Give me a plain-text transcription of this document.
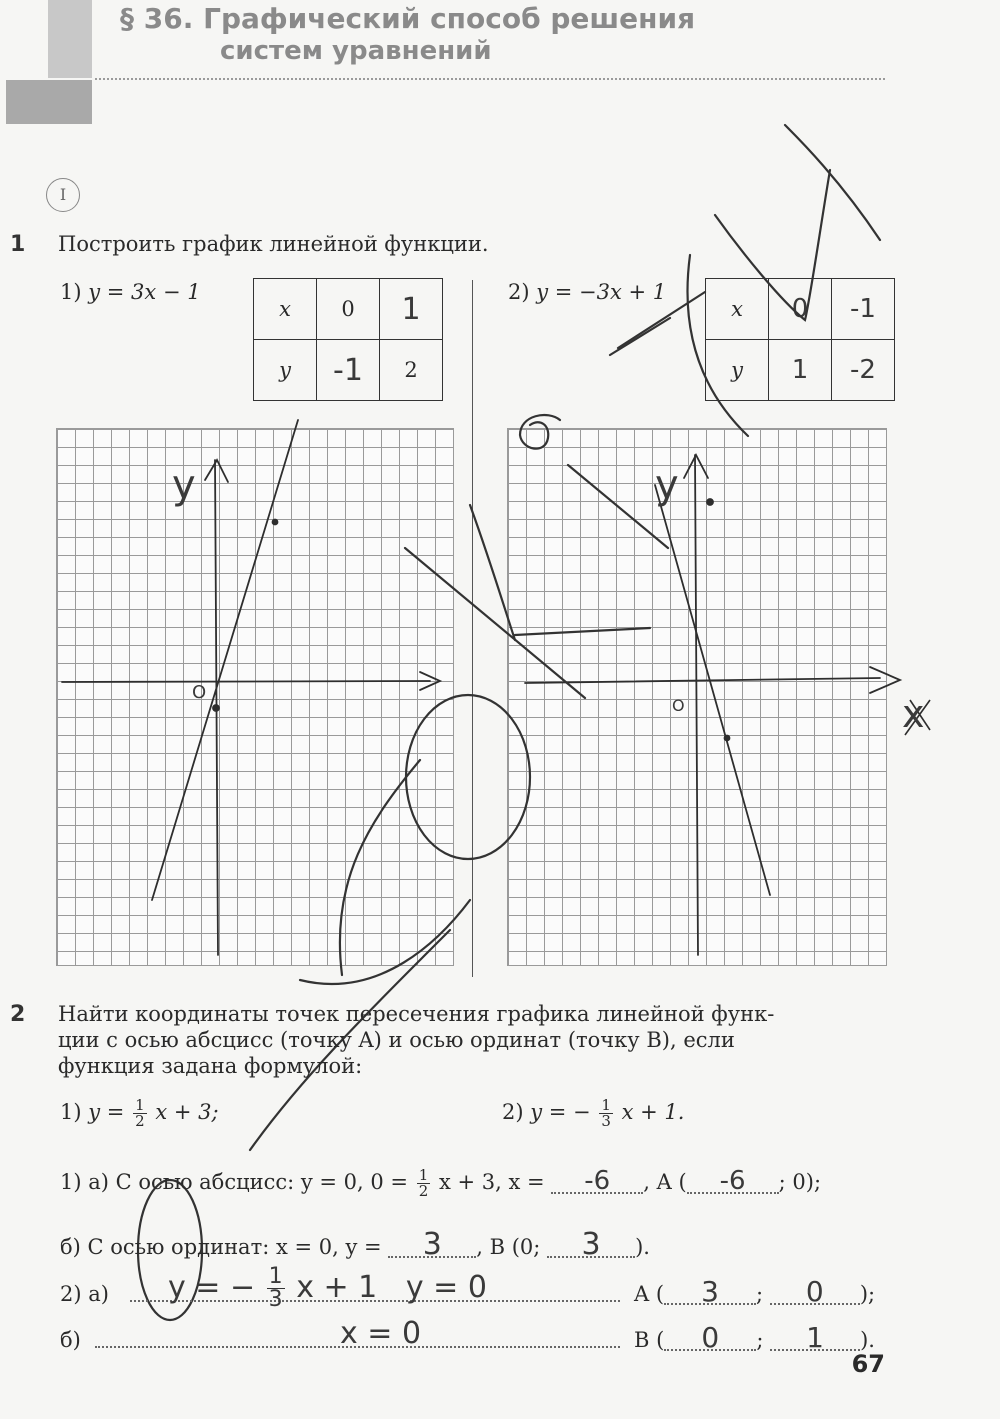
§ 36. Графический способ решения
систем уравнений
I
1 Построить график линейной функции.
1) y = 3x − 1
x	0	1
y	-1	2
2) y = −3x + 1
x	0	-1
y	1	-2
y
O
y
O	x
2 Найти координаты точек пересечения графика линейной функ-
ции с осью абсцисс (точку A) и осью ординат (точку B), если
функция задана формулой:
1) $y = \frac{1}{2}$ x + 3;	2) y = − $\frac{1}{3}$ x + 1.
1) а) С осью абсцисс: y = 0, $0 = \frac{1}{2}$ x + 3, x = -6 , A ( -6 ; 0);
б) С осью ординат: x = 0, y = 3 , B (0; 3 ).
2) а) y = − $\frac{1}{3}$ x + 1 y = 0	A ( 3 ; 0 );
б)	x = 0	B ( 0 ; 1 ).
67
